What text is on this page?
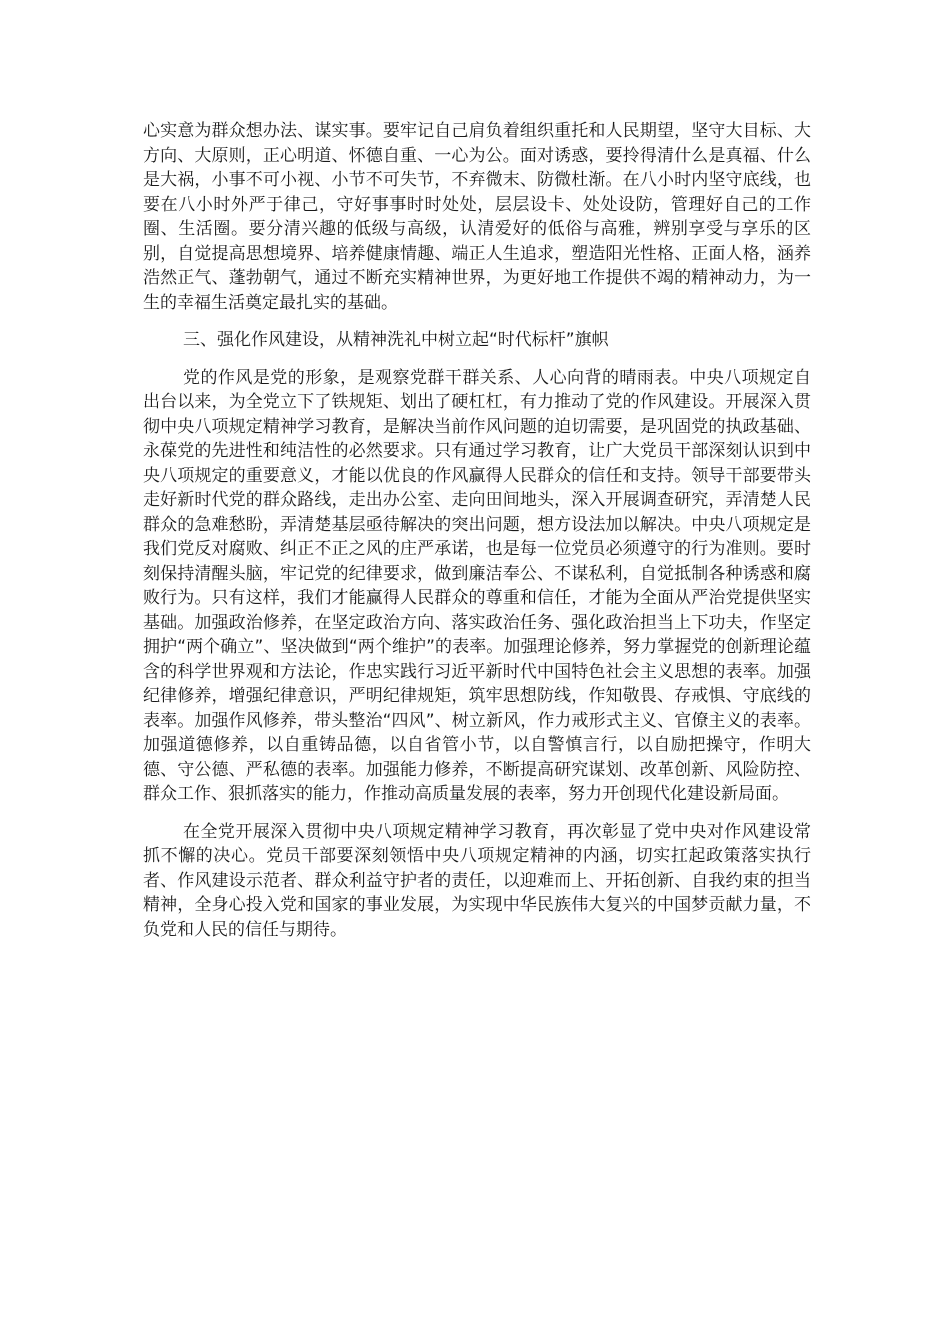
心实意为群众想办法、谋实事。要牢记自己肩负着组织重托和人民期望，坚守大目标、大方向、大原则，正心明道、怀德自重、一心为公。面对诱惑，要拎得清什么是真福、什么是大祸，小事不可小视、小节不可失节，不弃微末、防微杜渐。在八小时内坚守底线，也要在八小时外严于律己，守好事事时时处处，层层设卡、处处设防，管理好自己的工作圈、生活圈。要分清兴趣的低级与高级，认清爱好的低俗与高雅，辨别享受与享乐的区别，自觉提高思想境界、培养健康情趣、端正人生追求，塑造阳光性格、正面人格，涵养浩然正气、蓬勃朝气，通过不断充实精神世界，为更好地工作提供不竭的精神动力，为一生的幸福生活奠定最扎实的基础。

三、强化作风建设，从精神洗礼中树立起“时代标杆”旗帜

党的作风是党的形象，是观察党群干群关系、人心向背的晴雨表。中央八项规定自出台以来，为全党立下了铁规矩、划出了硬杠杠，有力推动了党的作风建设。开展深入贯彻中央八项规定精神学习教育，是解决当前作风问题的迫切需要，是巩固党的执政基础、永葆党的先进性和纯洁性的必然要求。只有通过学习教育，让广大党员干部深刻认识到中央八项规定的重要意义，才能以优良的作风赢得人民群众的信任和支持。领导干部要带头走好新时代党的群众路线，走出办公室、走向田间地头，深入开展调查研究，弄清楚人民群众的急难愁盼，弄清楚基层亟待解决的突出问题，想方设法加以解决。中央八项规定是我们党反对腐败、纠正不正之风的庄严承诺，也是每一位党员必须遵守的行为准则。要时刻保持清醒头脑，牢记党的纪律要求，做到廉洁奉公、不谋私利，自觉抵制各种诱惑和腐败行为。只有这样，我们才能赢得人民群众的尊重和信任，才能为全面从严治党提供坚实基础。加强政治修养，在坚定政治方向、落实政治任务、强化政治担当上下功夫，作坚定拥护“两个确立”、坚决做到“两个维护”的表率。加强理论修养，努力掌握党的创新理论蕴含的科学世界观和方法论，作忠实践行习近平新时代中国特色社会主义思想的表率。加强纪律修养，增强纪律意识，严明纪律规矩，筑牢思想防线，作知敬畏、存戒惧、守底线的表率。加强作风修养，带头整治“四风”、树立新风，作力戒形式主义、官僚主义的表率。加强道德修养，以自重铸品德，以自省管小节，以自警慎言行，以自励把操守，作明大德、守公德、严私德的表率。加强能力修养，不断提高研究谋划、改革创新、风险防控、群众工作、狠抓落实的能力，作推动高质量发展的表率，努力开创现代化建设新局面。

在全党开展深入贯彻中央八项规定精神学习教育，再次彰显了党中央对作风建设常抓不懈的决心。党员干部要深刻领悟中央八项规定精神的内涵，切实扛起政策落实执行者、作风建设示范者、群众利益守护者的责任，以迎难而上、开拓创新、自我约束的担当精神，全身心投入党和国家的事业发展，为实现中华民族伟大复兴的中国梦贡献力量，不负党和人民的信任与期待。
